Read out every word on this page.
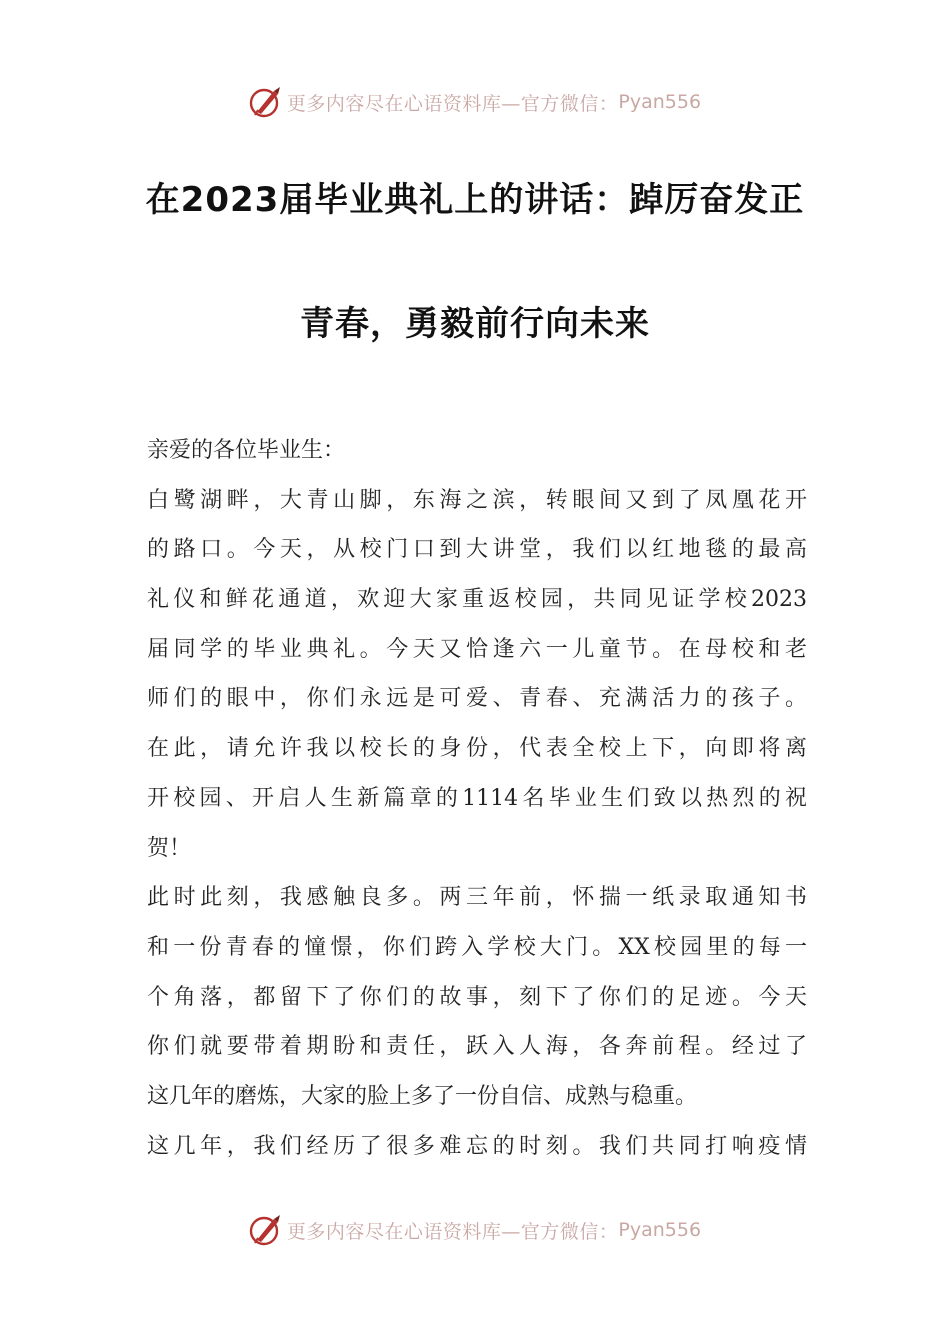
更多内容尽在心语资料库—官方微信： Pyan556
在2023届毕业典礼上的讲话：踔厉奋发正
青春，勇毅前行向未来
亲爱的各位毕业生：
白鹭湖畔，大青山脚，东海之滨，转眼间又到了凤凰花开
的路口。今天，从校门口到大讲堂，我们以红地毯的最高
礼仪和鲜花通道，欢迎大家重返校园，共同见证学校2023
届同学的毕业典礼。今天又恰逢六一儿童节。在母校和老
师们的眼中，你们永远是可爱、青春、充满活力的孩子。
在此，请允许我以校长的身份，代表全校上下，向即将离
开校园、开启人生新篇章的1114名毕业生们致以热烈的祝
贺！
此时此刻，我感触良多。两三年前，怀揣一纸录取通知书
和一份青春的憧憬，你们跨入学校大门。XX校园里的每一
个角落，都留下了你们的故事，刻下了你们的足迹。今天
你们就要带着期盼和责任，跃入人海，各奔前程。经过了
这几年的磨炼，大家的脸上多了一份自信、成熟与稳重。
这几年，我们经历了很多难忘的时刻。我们共同打响疫情
更多内容尽在心语资料库—官方微信： Pyan556
